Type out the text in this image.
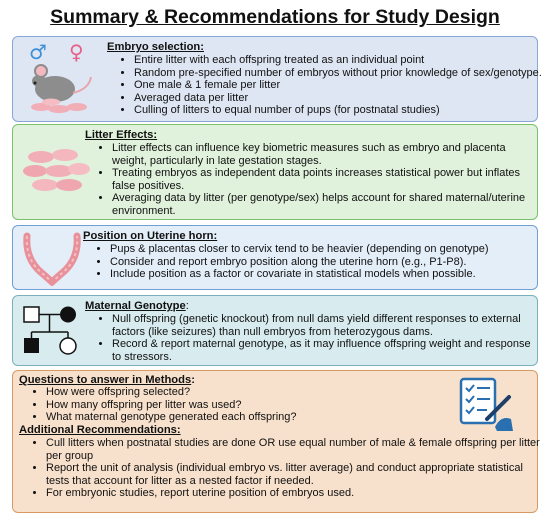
Summary & Recommendations for Study Design
♂ ♀ Embryo selection:
• Entire litter with each offspring treated as an individual point
• Random pre-specified number of embryos without prior knowledge of sex/genotype.
• One male & 1 female per litter
• Averaged data per litter
• Culling of litters to equal number of pups (for postnatal studies)
Litter Effects:
• Litter effects can influence key biometric measures such as embryo and placenta weight, particularly in late gestation stages.
• Treating embryos as independent data points increases statistical power but inflates false positives.
• Averaging data by litter (per genotype/sex) helps account for shared maternal/uterine environment.
Position on Uterine horn:
• Pups & placentas closer to cervix tend to be heavier (depending on genotype)
• Consider and report embryo position along the uterine horn (e.g., P1-P8).
• Include position as a factor or covariate in statistical models when possible.
Maternal Genotype:
• Null offspring (genetic knockout) from null dams yield different responses to external factors (like seizures) than null embryos from heterozygous dams.
• Record & report maternal genotype, as it may influence offspring weight and response to stressors.
Questions to answer in Methods:
• How were offspring selected?
• How many offspring per litter was used?
• What maternal genotype generated each offspring?
Additional Recommendations:
• Cull litters when postnatal studies are done OR use equal number of male & female offspring per litter per group
• Report the unit of analysis (individual embryo vs. litter average) and conduct appropriate statistical tests that account for litter as a nested factor if needed.
• For embryonic studies, report uterine position of embryos used.
